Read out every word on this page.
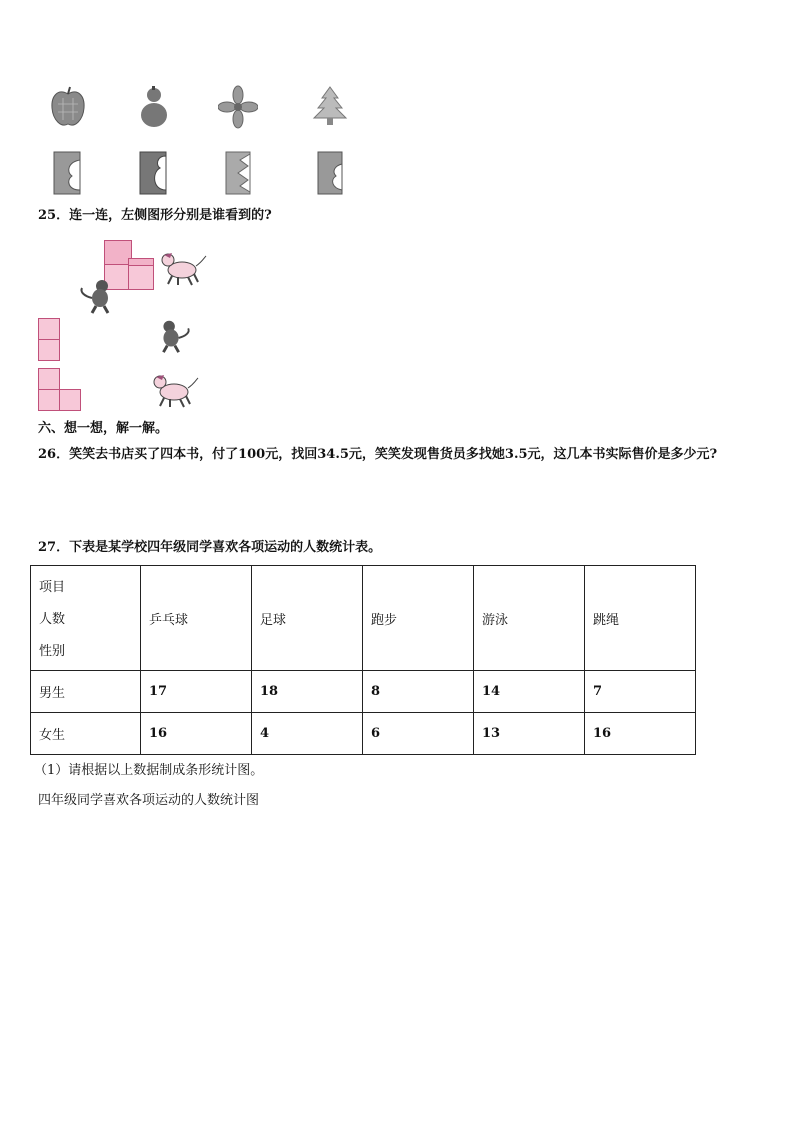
25．连一连，左侧图形分别是谁看到的?
六、想一想，解一解。
26．笑笑去书店买了四本书，付了100元，找回34.5元，笑笑发现售货员多找她3.5元，这几本书实际售价是多少元?
27．下表是某学校四年级同学喜欢各项运动的人数统计表。
项目
人数
性别	乒乓球	足球	跑步	游泳	跳绳
男生	17	18	8	14	7
女生	16	4	6	13	16
（1）请根据以上数据制成条形统计图。
四年级同学喜欢各项运动的人数统计图
